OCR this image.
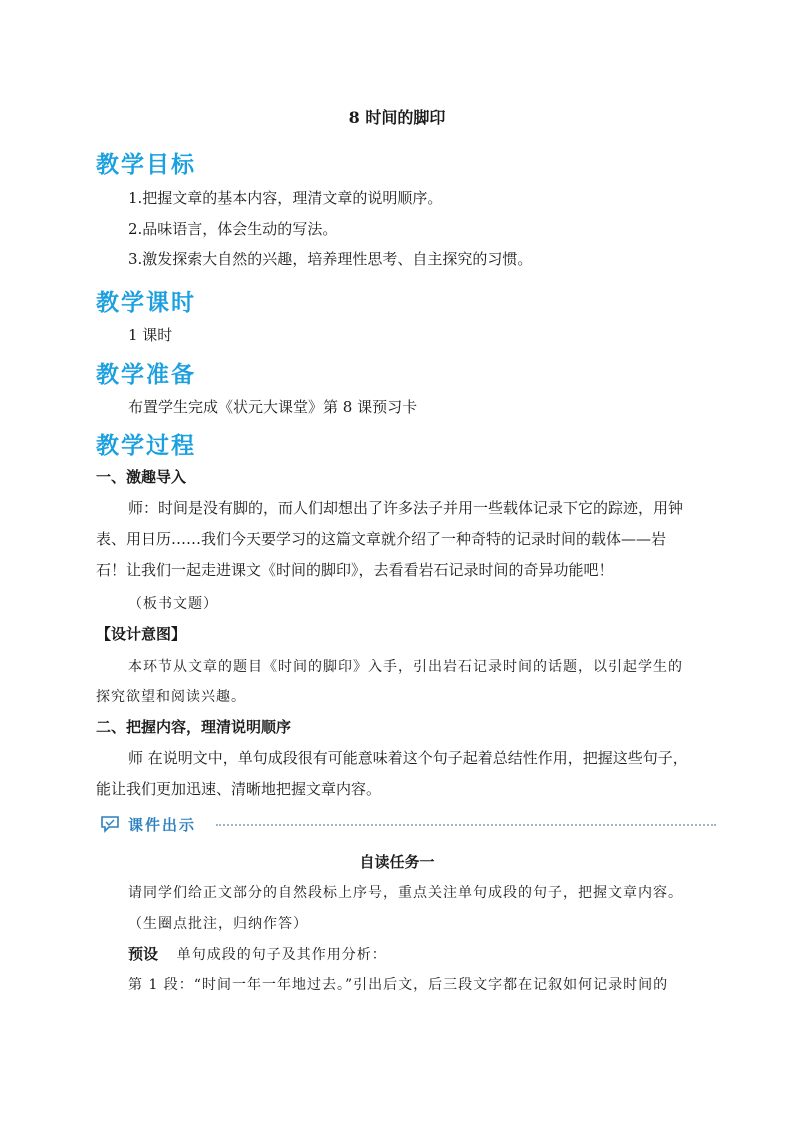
8 时间的脚印
教学目标
1.把握文章的基本内容，理清文章的说明顺序。
2.品味语言，体会生动的写法。
3.激发探索大自然的兴趣，培养理性思考、自主探究的习惯。
教学课时
1 课时
教学准备
布置学生完成《状元大课堂》第 8 课预习卡
教学过程
一、激趣导入
师：时间是没有脚的，而人们却想出了许多法子并用一些载体记录下它的踪迹，用钟
表、用日历……我们今天要学习的这篇文章就介绍了一种奇特的记录时间的载体——岩
石！让我们一起走进课文《时间的脚印》，去看看岩石记录时间的奇异功能吧！
（板书文题）
【设计意图】
本环节从文章的题目《时间的脚印》入手，引出岩石记录时间的话题，以引起学生的
探究欲望和阅读兴趣。
二、把握内容，理清说明顺序
师 在说明文中，单句成段很有可能意味着这个句子起着总结性作用，把握这些句子，
能让我们更加迅速、清晰地把握文章内容。
课件出示
自读任务一
请同学们给正文部分的自然段标上序号，重点关注单句成段的句子，把握文章内容。
（生圈点批注，归纳作答）
预设 单句成段的句子及其作用分析：
第 1 段：“时间一年一年地过去。”引出后文，后三段文字都在记叙如何记录时间的
